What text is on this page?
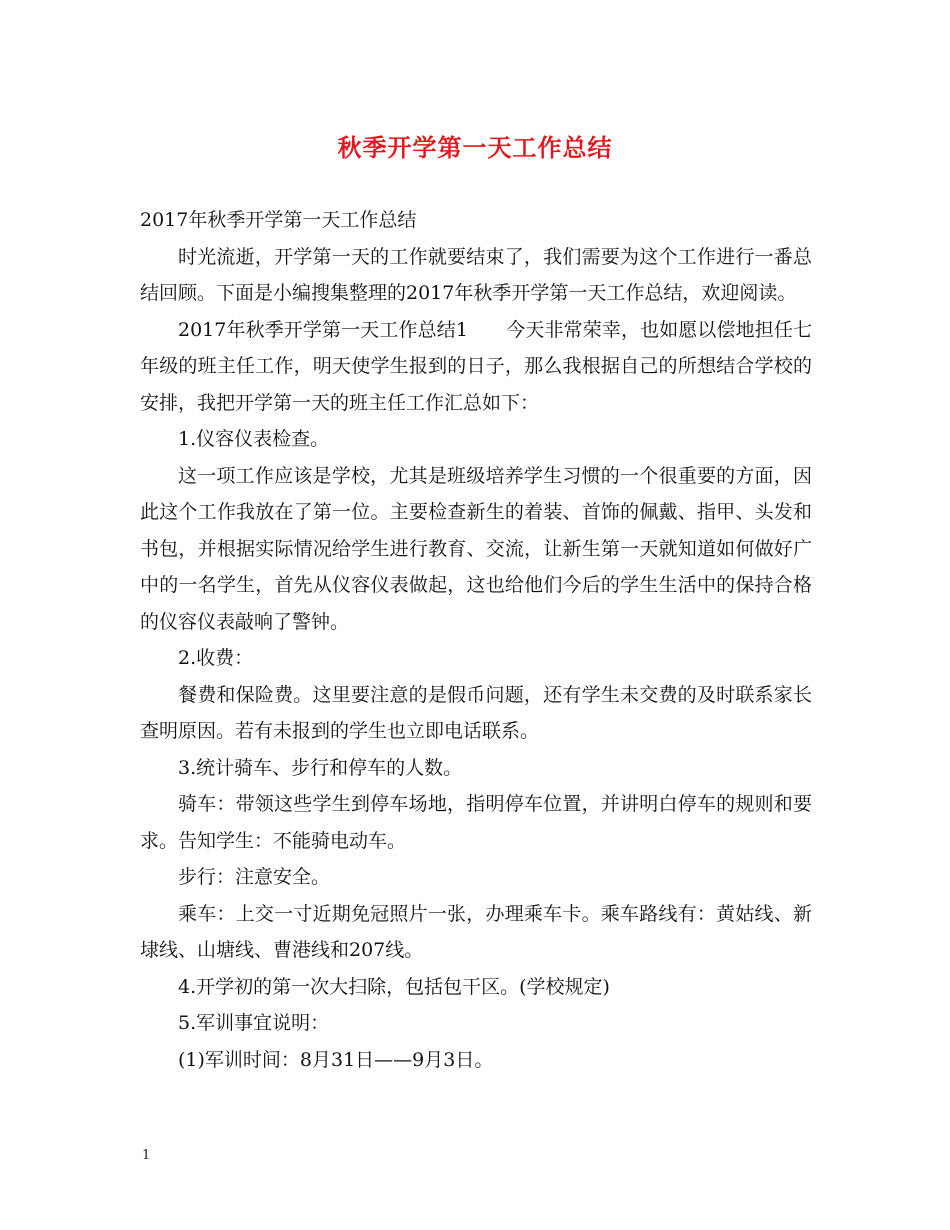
秋季开学第一天工作总结

2017年秋季开学第一天工作总结

时光流逝，开学第一天的工作就要结束了，我们需要为这个工作进行一番总结回顾。下面是小编搜集整理的2017年秋季开学第一天工作总结，欢迎阅读。

2017年秋季开学第一天工作总结1　　今天非常荣幸，也如愿以偿地担任七年级的班主任工作，明天使学生报到的日子，那么我根据自己的所想结合学校的安排，我把开学第一天的班主任工作汇总如下：

1.仪容仪表检查。

这一项工作应该是学校，尤其是班级培养学生习惯的一个很重要的方面，因此这个工作我放在了第一位。主要检查新生的着装、首饰的佩戴、指甲、头发和书包，并根据实际情况给学生进行教育、交流，让新生第一天就知道如何做好广中的一名学生，首先从仪容仪表做起，这也给他们今后的学生生活中的保持合格的仪容仪表敲响了警钟。

2.收费：

餐费和保险费。这里要注意的是假币问题，还有学生未交费的及时联系家长查明原因。若有未报到的学生也立即电话联系。

3.统计骑车、步行和停车的人数。

骑车：带领这些学生到停车场地，指明停车位置，并讲明白停车的规则和要求。告知学生：不能骑电动车。

步行：注意安全。

乘车：上交一寸近期免冠照片一张，办理乘车卡。乘车路线有：黄姑线、新埭线、山塘线、曹港线和207线。

4.开学初的第一次大扫除，包括包干区。(学校规定)

5.军训事宜说明：

(1)军训时间：8月31日——9月3日。

1
